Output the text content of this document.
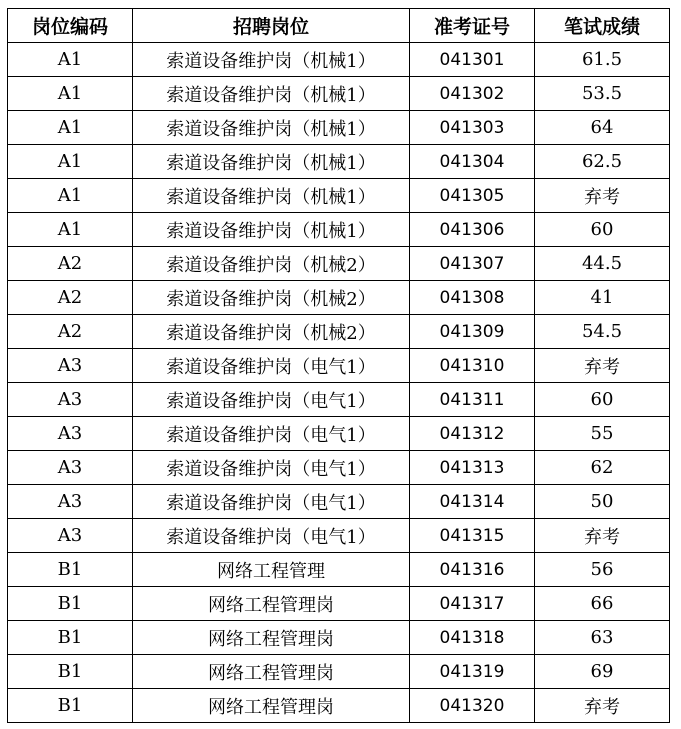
岗位编码	招聘岗位	准考证号	笔试成绩
A1	索道设备维护岗（机械1）	041301	61.5
A1	索道设备维护岗（机械1）	041302	53.5
A1	索道设备维护岗（机械1）	041303	64
A1	索道设备维护岗（机械1）	041304	62.5
A1	索道设备维护岗（机械1）	041305	弃考
A1	索道设备维护岗（机械1）	041306	60
A2	索道设备维护岗（机械2）	041307	44.5
A2	索道设备维护岗（机械2）	041308	41
A2	索道设备维护岗（机械2）	041309	54.5
A3	索道设备维护岗（电气1）	041310	弃考
A3	索道设备维护岗（电气1）	041311	60
A3	索道设备维护岗（电气1）	041312	55
A3	索道设备维护岗（电气1）	041313	62
A3	索道设备维护岗（电气1）	041314	50
A3	索道设备维护岗（电气1）	041315	弃考
B1	网络工程管理	041316	56
B1	网络工程管理岗	041317	66
B1	网络工程管理岗	041318	63
B1	网络工程管理岗	041319	69
B1	网络工程管理岗	041320	弃考
